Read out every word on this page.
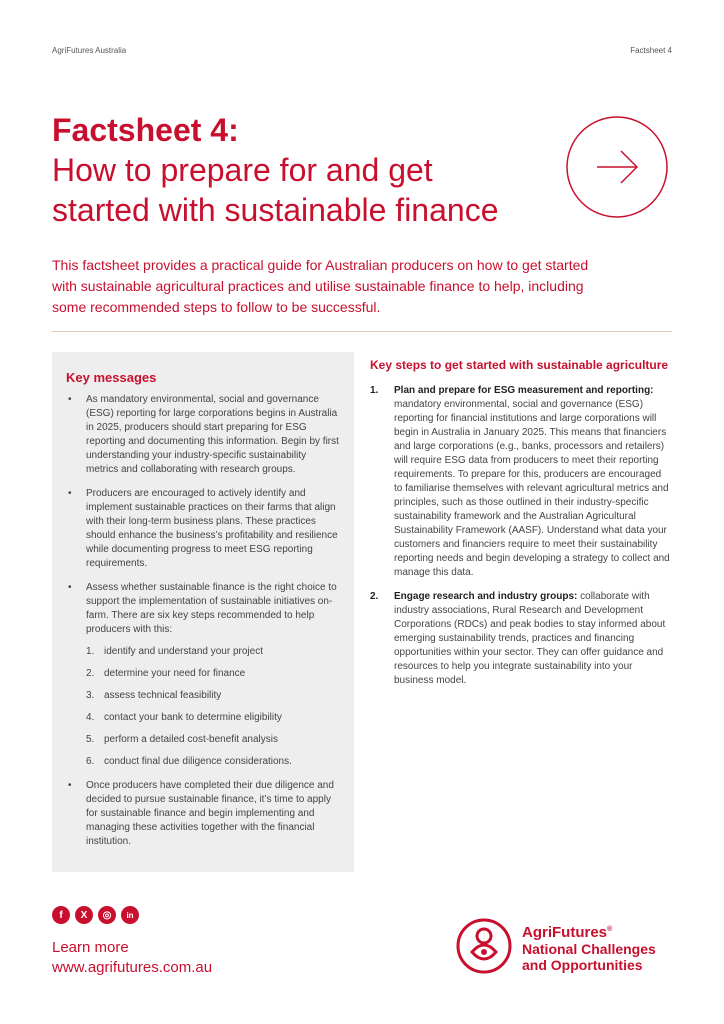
AgriFutures Australia	Factsheet 4
Factsheet 4:
How to prepare for and get
started with sustainable finance

This factsheet provides a practical guide for Australian producers on how to get started with sustainable agricultural practices and utilise sustainable finance to help, including some recommended steps to follow to be successful.

Key messages
• As mandatory environmental, social and governance (ESG) reporting for large corporations begins in Australia in 2025, producers should start preparing for ESG reporting and documenting this information. Begin by first understanding your industry-specific sustainability metrics and collaborating with research groups.
• Producers are encouraged to actively identify and implement sustainable practices on their farms that align with their long-term business plans. These practices should enhance the business’s profitability and resilience while documenting progress to meet ESG reporting requirements.
• Assess whether sustainable finance is the right choice to support the implementation of sustainable initiatives on-farm. There are six key steps recommended to help producers with this:
1. identify and understand your project
2. determine your need for finance
3. assess technical feasibility
4. contact your bank to determine eligibility
5. perform a detailed cost-benefit analysis
6. conduct final due diligence considerations.
• Once producers have completed their due diligence and decided to pursue sustainable finance, it’s time to apply for sustainable finance and begin implementing and managing these activities together with the financial institution.
Key steps to get started with sustainable agriculture
1. Plan and prepare for ESG measurement and reporting: mandatory environmental, social and governance (ESG) reporting for financial institutions and large corporations will begin in Australia in January 2025. This means that financiers and large corporations (e.g., banks, processors and retailers) will require ESG data from producers to meet their reporting requirements. To prepare for this, producers are encouraged to familiarise themselves with relevant agricultural metrics and principles, such as those outlined in their industry-specific sustainability framework and the Australian Agricultural Sustainability Framework (AASF). Understand what data your customers and financiers require to meet their sustainability reporting needs and begin developing a strategy to collect and manage this data.
2. Engage research and industry groups: collaborate with industry associations, Rural Research and Development Corporations (RDCs) and peak bodies to stay informed about emerging sustainability trends, practices and financing opportunities within your sector. They can offer guidance and resources to help you integrate sustainability into your business model.
f	X	◎	in
Learn more
www.agrifutures.com.au
AgriFutures®
National Challenges
and Opportunities
